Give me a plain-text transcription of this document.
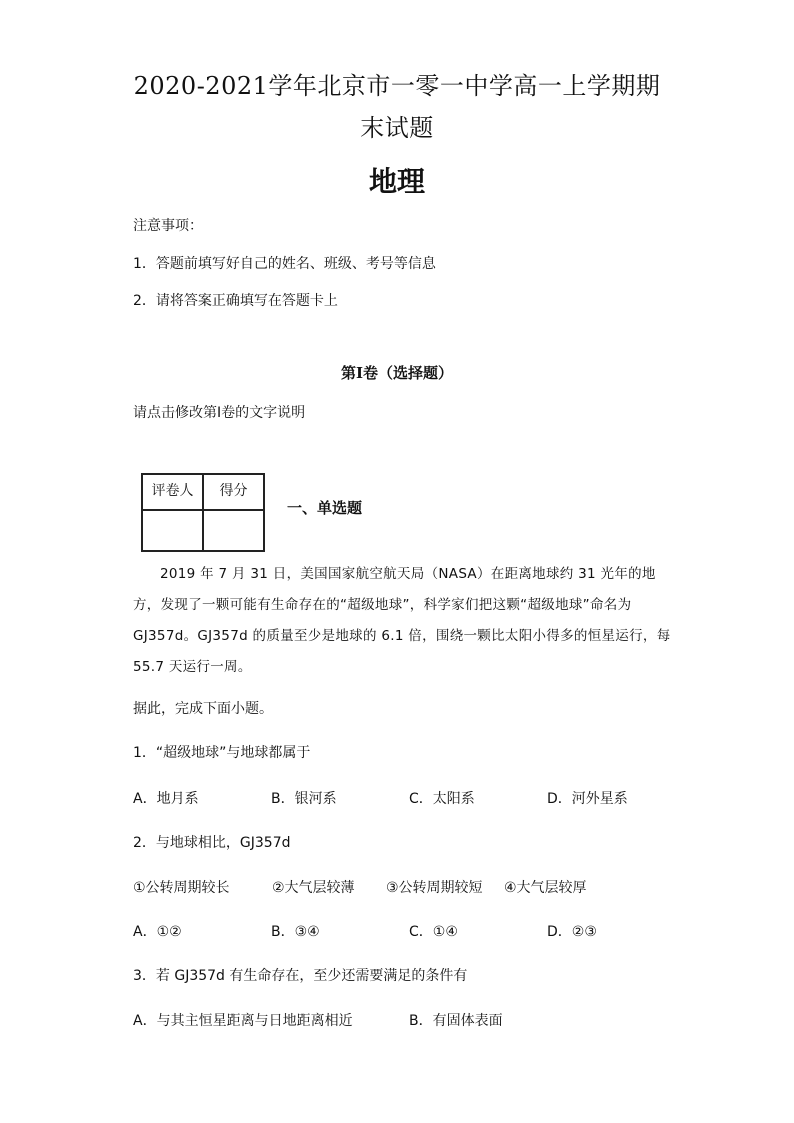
2020-2021学年北京市一零一中学高一上学期期
末试题
地理
注意事项：
1．答题前填写好自己的姓名、班级、考号等信息
2．请将答案正确填写在答题卡上
第I卷（选择题）
请点击修改第I卷的文字说明
评卷人	得分

一、单选题
2019 年 7 月 31 日，美国国家航空航天局（NASA）在距离地球约 31 光年的地
方，发现了一颗可能有生命存在的“超级地球”，科学家们把这颗“超级地球”命名为
GJ357d。GJ357d 的质量至少是地球的 6.1 倍，围绕一颗比太阳小得多的恒星运行，每
55.7 天运行一周。
据此，完成下面小题。
1．“超级地球”与地球都属于
A．地月系	B．银河系	C．太阳系	D．河外星系
2．与地球相比，GJ357d
①公转周期较长	②大气层较薄 ③公转周期较短 ④大气层较厚
A．①②	B．③④	C．①④	D．②③
3．若 GJ357d 有生命存在，至少还需要满足的条件有
A．与其主恒星距离与日地距离相近	B．有固体表面
